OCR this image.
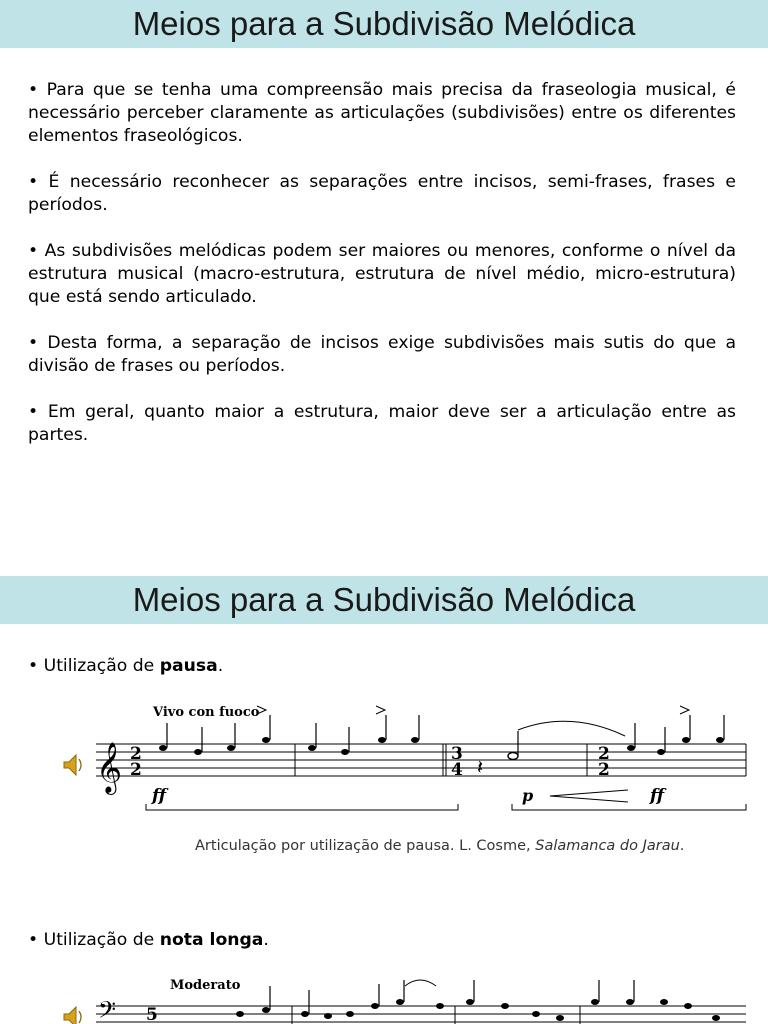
Meios para a Subdivisão Melódica

• Para que se tenha uma compreensão mais precisa da fraseologia musical, é necessário perceber claramente as articulações (subdivisões) entre os diferentes elementos fraseológicos.

• É necessário reconhecer as separações entre incisos, semi-frases, frases e períodos.

• As subdivisões melódicas podem ser maiores ou menores, conforme o nível da estrutura musical (macro-estrutura, estrutura de nível médio, micro-estrutura) que está sendo articulado.

• Desta forma, a separação de incisos exige subdivisões mais sutis do que a divisão de frases ou períodos.

• Em geral, quanto maior a estrutura, maior deve ser a articulação entre as partes.

Meios para a Subdivisão Melódica
• Utilização de pausa.
Vivo con fuoco
𝄞 2
2	𝄽
3
4
2
2
ff	p	ff
Articulação por utilização de pausa. L. Cosme, Salamanca do Jarau.
• Utilização de nota longa.
Moderato
𝄢 5
